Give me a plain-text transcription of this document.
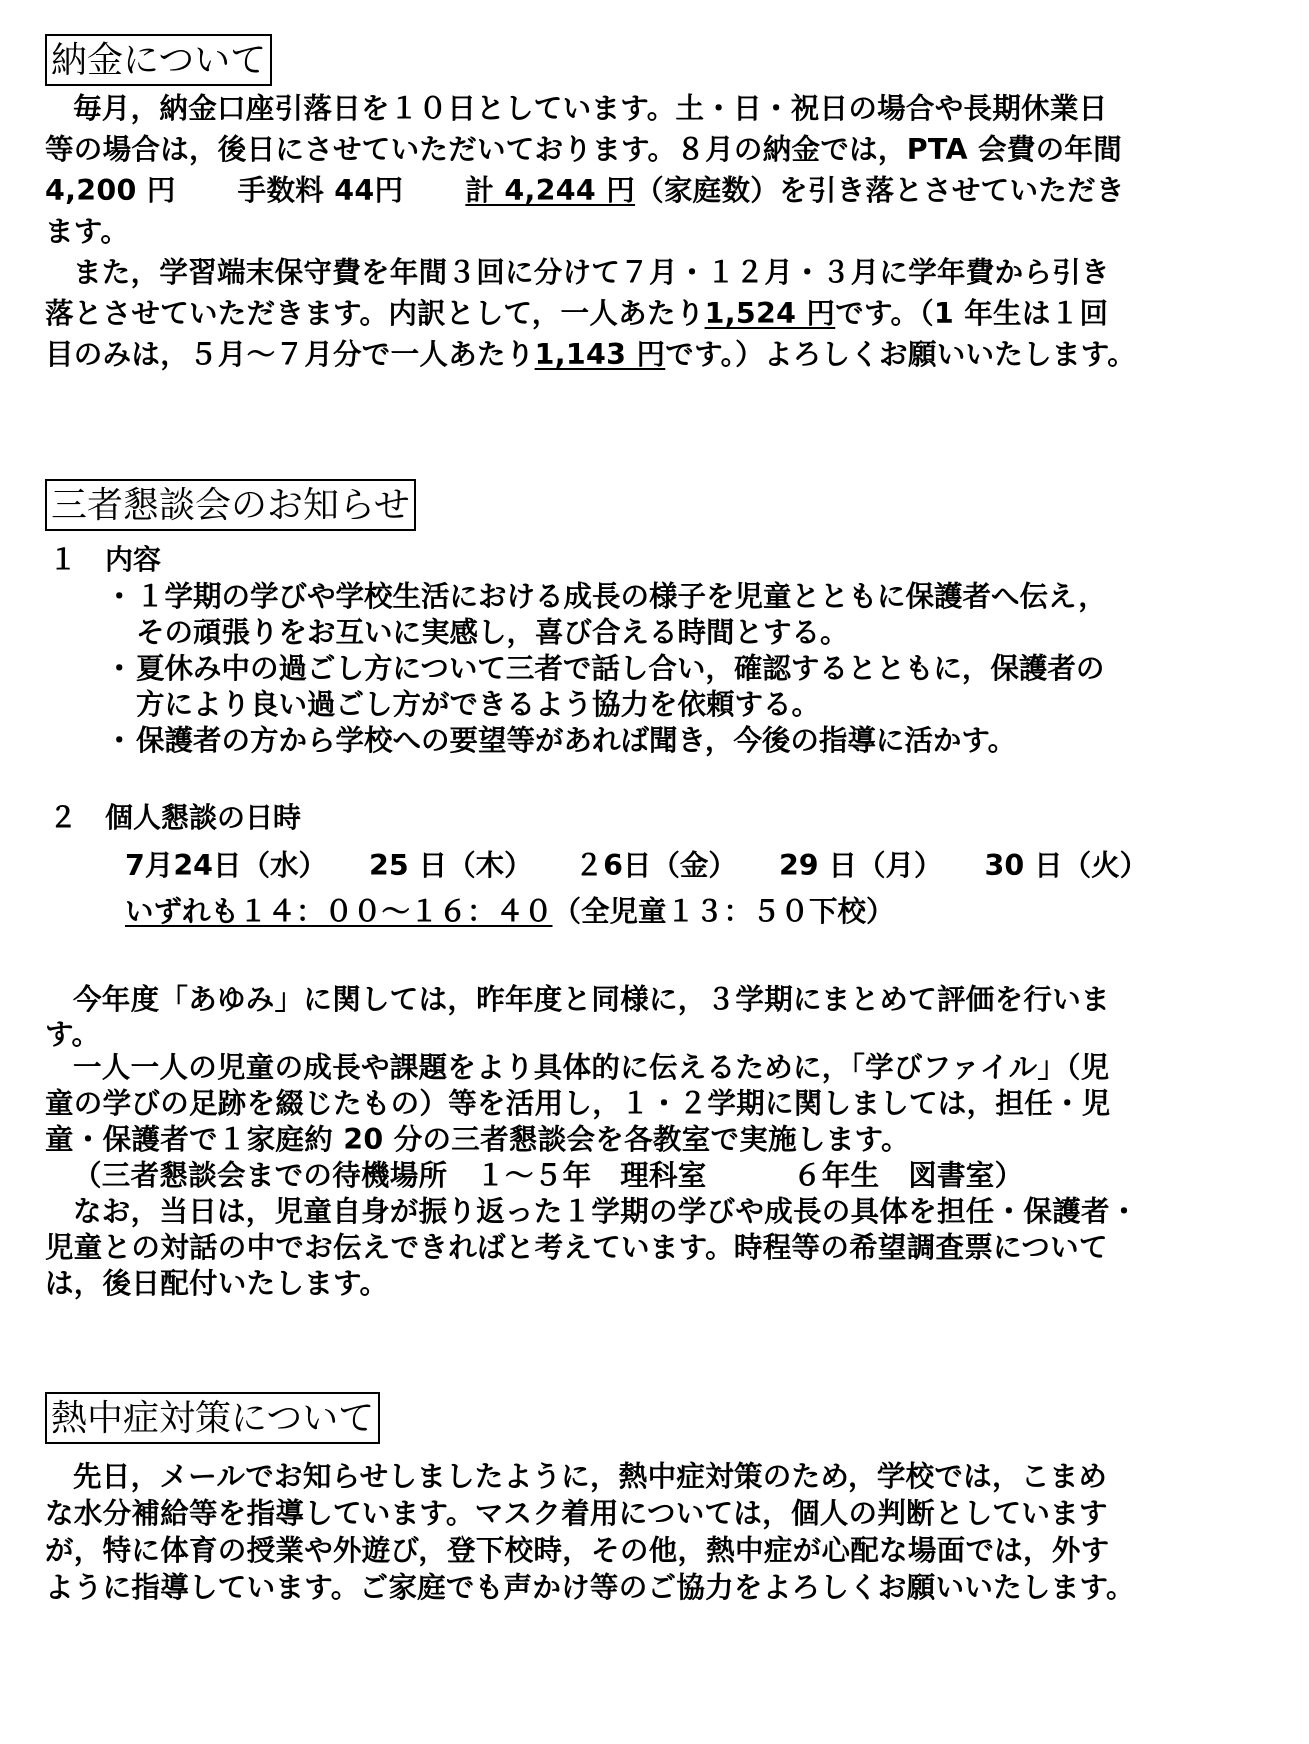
納金について
毎月，納金口座引落日を１０日としています。土・日・祝日の場合や長期休業日
等の場合は，後日にさせていただいております。８月の納金では，PTA 会費の年間
4,200 円 手数料 44円 計 4,244 円（家庭数）を引き落とさせていただき
ます。
また，学習端末保守費を年間３回に分けて７月・１２月・３月に学年費から引き
落とさせていただきます。内訳として，一人あたり1,524 円です。（1 年生は１回
目のみは，５月～７月分で一人あたり1,143 円です。）よろしくお願いいたします。
三者懇談会のお知らせ
１　内容
・ １学期の学びや学校生活における成長の様子を児童とともに保護者へ伝え，
その頑張りをお互いに実感し，喜び合える時間とする。
・ 夏休み中の過ごし方について三者で話し合い，確認するとともに，保護者の
方により良い過ごし方ができるよう協力を依頼する。
・ 保護者の方から学校への要望等があれば聞き，今後の指導に活かす。
２　個人懇談の日時
7月24日（水） 25 日（木） ２6日（金） 29 日（月） 30 日（火）
いずれも１４：００～１６：４０（全児童１３：５０下校）
今年度「あゆみ」に関しては，昨年度と同様に，３学期にまとめて評価を行いま
す。
一人一人の児童の成長や課題をより具体的に伝えるために，「学びファイル」（児
童の学びの足跡を綴じたもの）等を活用し，１・２学期に関しましては，担任・児
童・保護者で１家庭約 20 分の三者懇談会を各教室で実施します。
（三者懇談会までの待機場所　１～５年　理科室　　　６年生　図書室）
なお，当日は，児童自身が振り返った１学期の学びや成長の具体を担任・保護者・
児童との対話の中でお伝えできればと考えています。時程等の希望調査票について
は，後日配付いたします。
熱中症対策について
先日，メールでお知らせしましたように，熱中症対策のため，学校では，こまめ
な水分補給等を指導しています。マスク着用については，個人の判断としています
が，特に体育の授業や外遊び，登下校時，その他，熱中症が心配な場面では，外す
ように指導しています。ご家庭でも声かけ等のご協力をよろしくお願いいたします。
